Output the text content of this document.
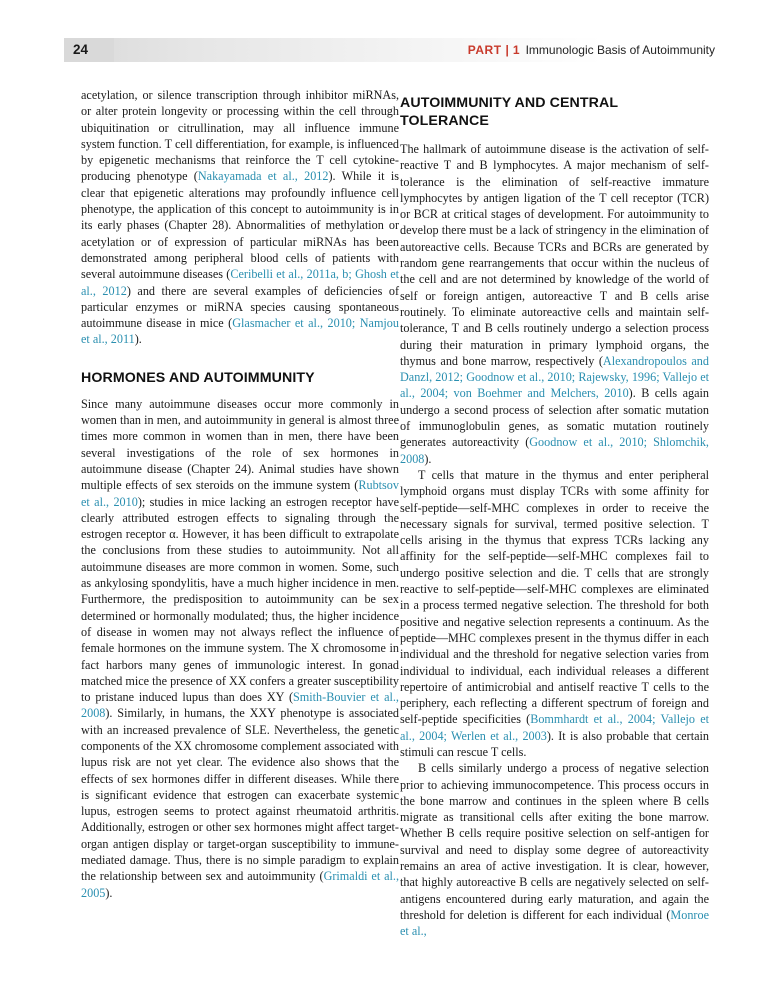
24	PART | 1 Immunologic Basis of Autoimmunity

acetylation, or silence transcription through inhibitor miRNAs, or alter protein longevity or processing within the cell through ubiquitination or citrullination, may all influence immune system function. T cell differentiation, for example, is influenced by epigenetic mechanisms that reinforce the T cell cytokine-producing phenotype (Nakayamada et al., 2012). While it is clear that epigenetic alterations may profoundly influence cell phenotype, the application of this concept to autoimmunity is in its early phases (Chapter 28). Abnormalities of methylation or acetylation or of expression of particular miRNAs has been demonstrated among peripheral blood cells of patients with several autoimmune diseases (Ceribelli et al., 2011a, b; Ghosh et al., 2012) and there are several examples of deficiencies of particular enzymes or miRNA species causing spontaneous autoimmune disease in mice (Glasmacher et al., 2010; Namjou et al., 2011).

HORMONES AND AUTOIMMUNITY

Since many autoimmune diseases occur more commonly in women than in men, and autoimmunity in general is almost three times more common in women than in men, there have been several investigations of the role of sex hormones in autoimmune disease (Chapter 24). Animal studies have shown multiple effects of sex steroids on the immune system (Rubtsov et al., 2010); studies in mice lacking an estrogen receptor have clearly attributed estrogen effects to signaling through the estrogen receptor α. However, it has been difficult to extrapolate the conclusions from these studies to autoimmunity. Not all autoimmune diseases are more common in women. Some, such as ankylosing spondylitis, have a much higher incidence in men. Furthermore, the predisposition to autoimmunity can be sex determined or hormonally modulated; thus, the higher incidence of disease in women may not always reflect the influence of female hormones on the immune system. The X chromosome in fact harbors many genes of immunologic interest. In gonad matched mice the presence of XX confers a greater susceptibility to pristane induced lupus than does XY (Smith-Bouvier et al., 2008). Similarly, in humans, the XXY phenotype is associated with an increased prevalence of SLE. Nevertheless, the genetic components of the XX chromosome complement associated with lupus risk are not yet clear. The evidence also shows that the effects of sex hormones differ in different diseases. While there is significant evidence that estrogen can exacerbate systemic lupus, estrogen seems to protect against rheumatoid arthritis. Additionally, estrogen or other sex hormones might affect target-organ antigen display or target-organ susceptibility to immune-mediated damage. Thus, there is no simple paradigm to explain the relationship between sex and autoimmunity (Grimaldi et al., 2005).

AUTOIMMUNITY AND CENTRAL TOLERANCE

The hallmark of autoimmune disease is the activation of self-reactive T and B lymphocytes. A major mechanism of self-tolerance is the elimination of self-reactive immature lymphocytes by antigen ligation of the T cell receptor (TCR) or BCR at critical stages of development. For autoimmunity to develop there must be a lack of stringency in the elimination of autoreactive cells. Because TCRs and BCRs are generated by random gene rearrangements that occur within the nucleus of the cell and are not determined by knowledge of the world of self or foreign antigen, autoreactive T and B cells arise routinely. To eliminate autoreactive cells and maintain self-tolerance, T and B cells routinely undergo a selection process during their maturation in primary lymphoid organs, the thymus and bone marrow, respectively (Alexandropoulos and Danzl, 2012; Goodnow et al., 2010; Rajewsky, 1996; Vallejo et al., 2004; von Boehmer and Melchers, 2010). B cells again undergo a second process of selection after somatic mutation of immunoglobulin genes, as somatic mutation routinely generates autoreactivity (Goodnow et al., 2010; Shlomchik, 2008).

T cells that mature in the thymus and enter peripheral lymphoid organs must display TCRs with some affinity for self-peptide—self-MHC complexes in order to receive the necessary signals for survival, termed positive selection. T cells arising in the thymus that express TCRs lacking any affinity for the self-peptide—self-MHC complexes fail to undergo positive selection and die. T cells that are strongly reactive to self-peptide—self-MHC complexes are eliminated in a process termed negative selection. The threshold for both positive and negative selection represents a continuum. As the peptide—MHC complexes present in the thymus differ in each individual and the threshold for negative selection varies from individual to individual, each individual releases a different repertoire of antimicrobial and antiself reactive T cells to the periphery, each reflecting a different spectrum of foreign and self-peptide specificities (Bommhardt et al., 2004; Vallejo et al., 2004; Werlen et al., 2003). It is also probable that certain stimuli can rescue T cells.

B cells similarly undergo a process of negative selection prior to achieving immunocompetence. This process occurs in the bone marrow and continues in the spleen where B cells migrate as transitional cells after exiting the bone marrow. Whether B cells require positive selection on self-antigen for survival and need to display some degree of autoreactivity remains an area of active investigation. It is clear, however, that highly autoreactive B cells are negatively selected on self-antigens encountered during early maturation, and again the threshold for deletion is different for each individual (Monroe et al.,
